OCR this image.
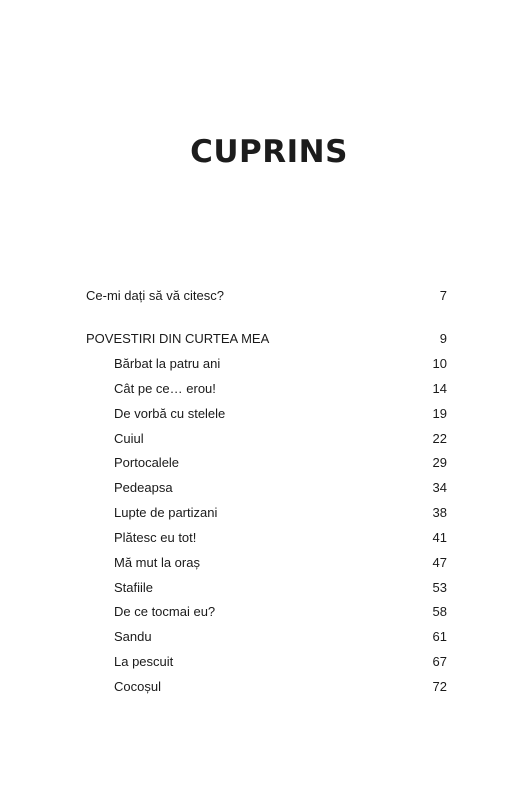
CUPRINS
Ce-mi dați să vă citesc?	7
POVESTIRI DIN CURTEA MEA	9
Bărbat la patru ani	10
Cât pe ce… erou!	14
De vorbă cu stelele	19
Cuiul	22
Portocalele	29
Pedeapsa	34
Lupte de partizani	38
Plătesc eu tot!	41
Mă mut la oraș	47
Stafiile	53
De ce tocmai eu?	58
Sandu	61
La pescuit	67
Cocoșul	72
